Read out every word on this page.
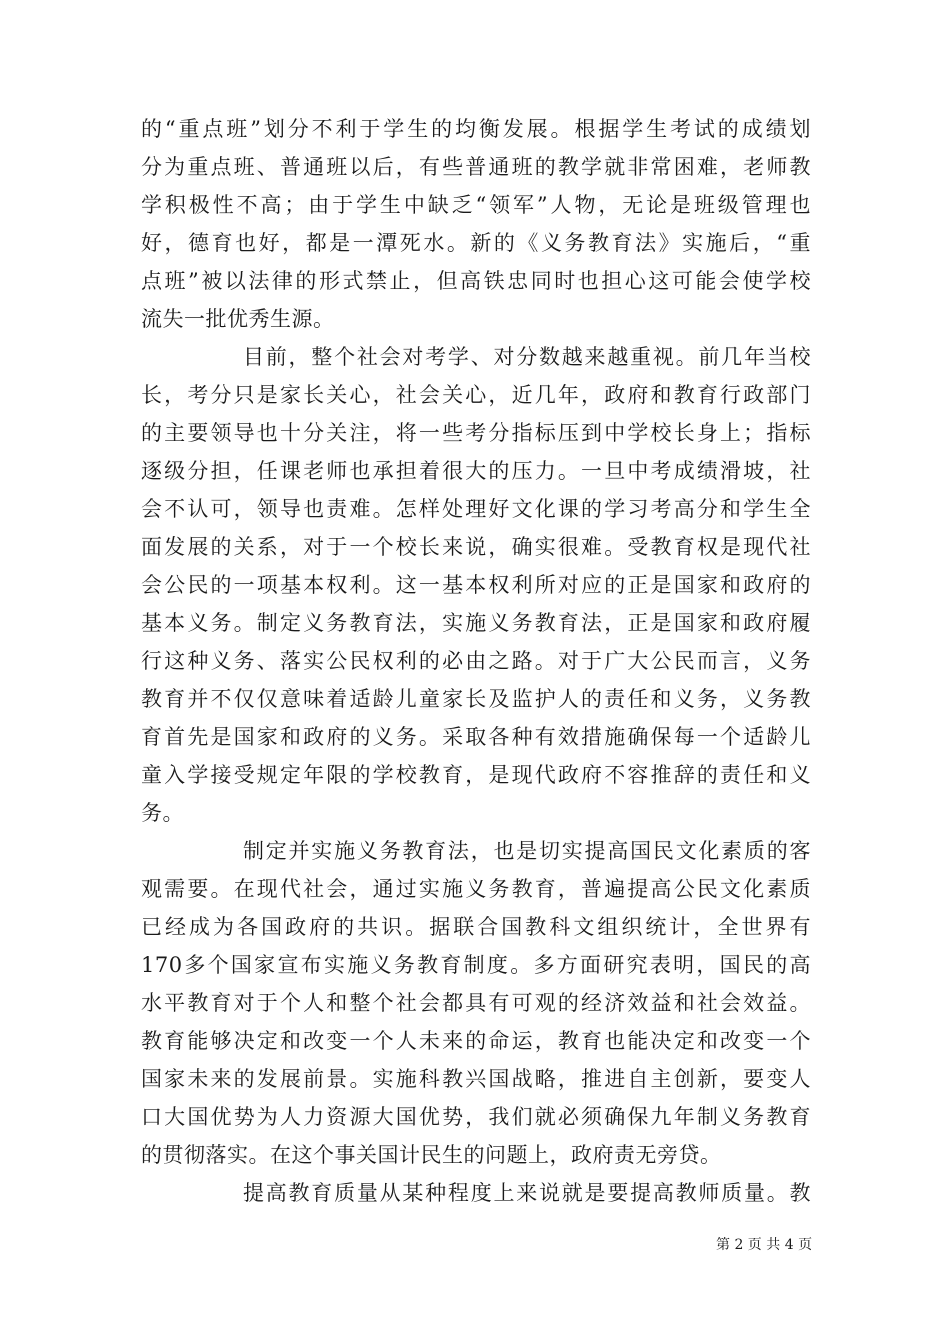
的“重点班”划分不利于学生的均衡发展。根据学生考试的成绩划
分为重点班、普通班以后，有些普通班的教学就非常困难，老师教
学积极性不高；由于学生中缺乏“领军”人物，无论是班级管理也
好，德育也好，都是一潭死水。新的《义务教育法》实施后，“重
点班”被以法律的形式禁止，但高铁忠同时也担心这可能会使学校
流失一批优秀生源。
目前，整个社会对考学、对分数越来越重视。前几年当校
长，考分只是家长关心，社会关心，近几年，政府和教育行政部门
的主要领导也十分关注，将一些考分指标压到中学校长身上；指标
逐级分担，任课老师也承担着很大的压力。一旦中考成绩滑坡，社
会不认可，领导也责难。怎样处理好文化课的学习考高分和学生全
面发展的关系，对于一个校长来说，确实很难。受教育权是现代社
会公民的一项基本权利。这一基本权利所对应的正是国家和政府的
基本义务。制定义务教育法，实施义务教育法，正是国家和政府履
行这种义务、落实公民权利的必由之路。对于广大公民而言，义务
教育并不仅仅意味着适龄儿童家长及监护人的责任和义务，义务教
育首先是国家和政府的义务。采取各种有效措施确保每一个适龄儿
童入学接受规定年限的学校教育，是现代政府不容推辞的责任和义
务。
制定并实施义务教育法，也是切实提高国民文化素质的客
观需要。在现代社会，通过实施义务教育，普遍提高公民文化素质
已经成为各国政府的共识。据联合国教科文组织统计，全世界有
170多个国家宣布实施义务教育制度。多方面研究表明，国民的高
水平教育对于个人和整个社会都具有可观的经济效益和社会效益。
教育能够决定和改变一个人未来的命运，教育也能决定和改变一个
国家未来的发展前景。实施科教兴国战略，推进自主创新，要变人
口大国优势为人力资源大国优势，我们就必须确保九年制义务教育
的贯彻落实。在这个事关国计民生的问题上，政府责无旁贷。
提高教育质量从某种程度上来说就是要提高教师质量。教
第 2 页 共 4 页
